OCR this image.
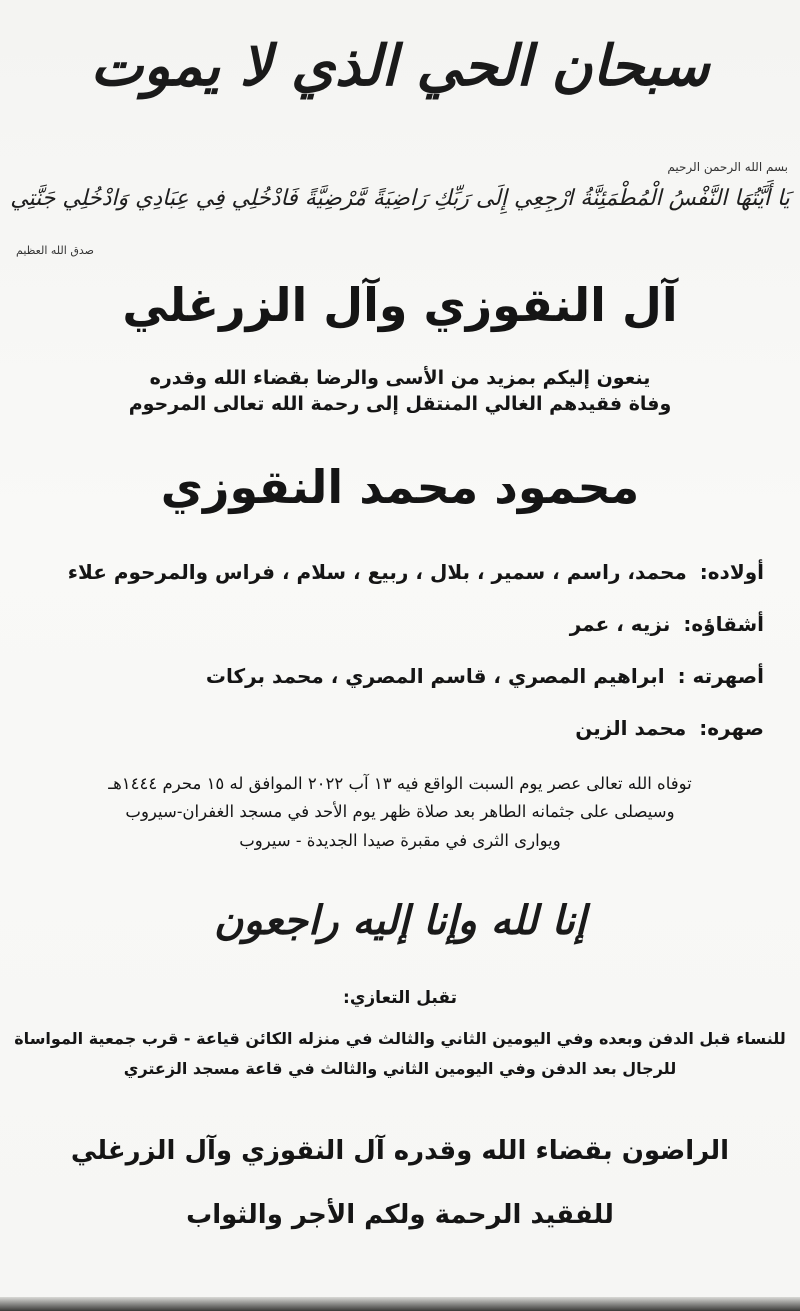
سبحان الحي الذي لا يموت
بسم الله الرحمن الرحيم
يَا أَيَّتُهَا النَّفْسُ الْمُطْمَئِنَّةُ ارْجِعِي إِلَى رَبِّكِ رَاضِيَةً مَّرْضِيَّةً فَادْخُلِي فِي عِبَادِي وَادْخُلِي جَنَّتِي
صدق الله العظيم
آل النقوزي وآل الزرغلي
ينعون إليكم بمزيد من الأسى والرضا بقضاء الله وقدره
وفاة فقيدهم الغالي المنتقل إلى رحمة الله تعالى المرحوم
محمود محمد النقوزي
أولاده: محمد، راسم ، سمير ، بلال ، ربيع ، سلام ، فراس والمرحوم علاء
أشقاؤه: نزيه ، عمر
أصهرته : ابراهيم المصري ، قاسم المصري ، محمد بركات
صهره: محمد الزين
توفاه الله تعالى عصر يوم السبت الواقع فيه ١٣ آب ٢٠٢٢ الموافق له ١٥ محرم ١٤٤٤هـ
وسيصلى على جثمانه الطاهر بعد صلاة ظهر يوم الأحد في مسجد الغفران-سيروب
ويوارى الثرى في مقبرة صيدا الجديدة - سيروب
إنا لله وإنا إليه راجعون
تقبل التعازي:
للنساء قبل الدفن وبعده وفي اليومين الثاني والثالث في منزله الكائن قياعة - قرب جمعية المواساة
للرجال بعد الدفن وفي اليومين الثاني والثالث في قاعة مسجد الزعتري
الراضون بقضاء الله وقدره آل النقوزي وآل الزرغلي
للفقيد الرحمة ولكم الأجر والثواب
